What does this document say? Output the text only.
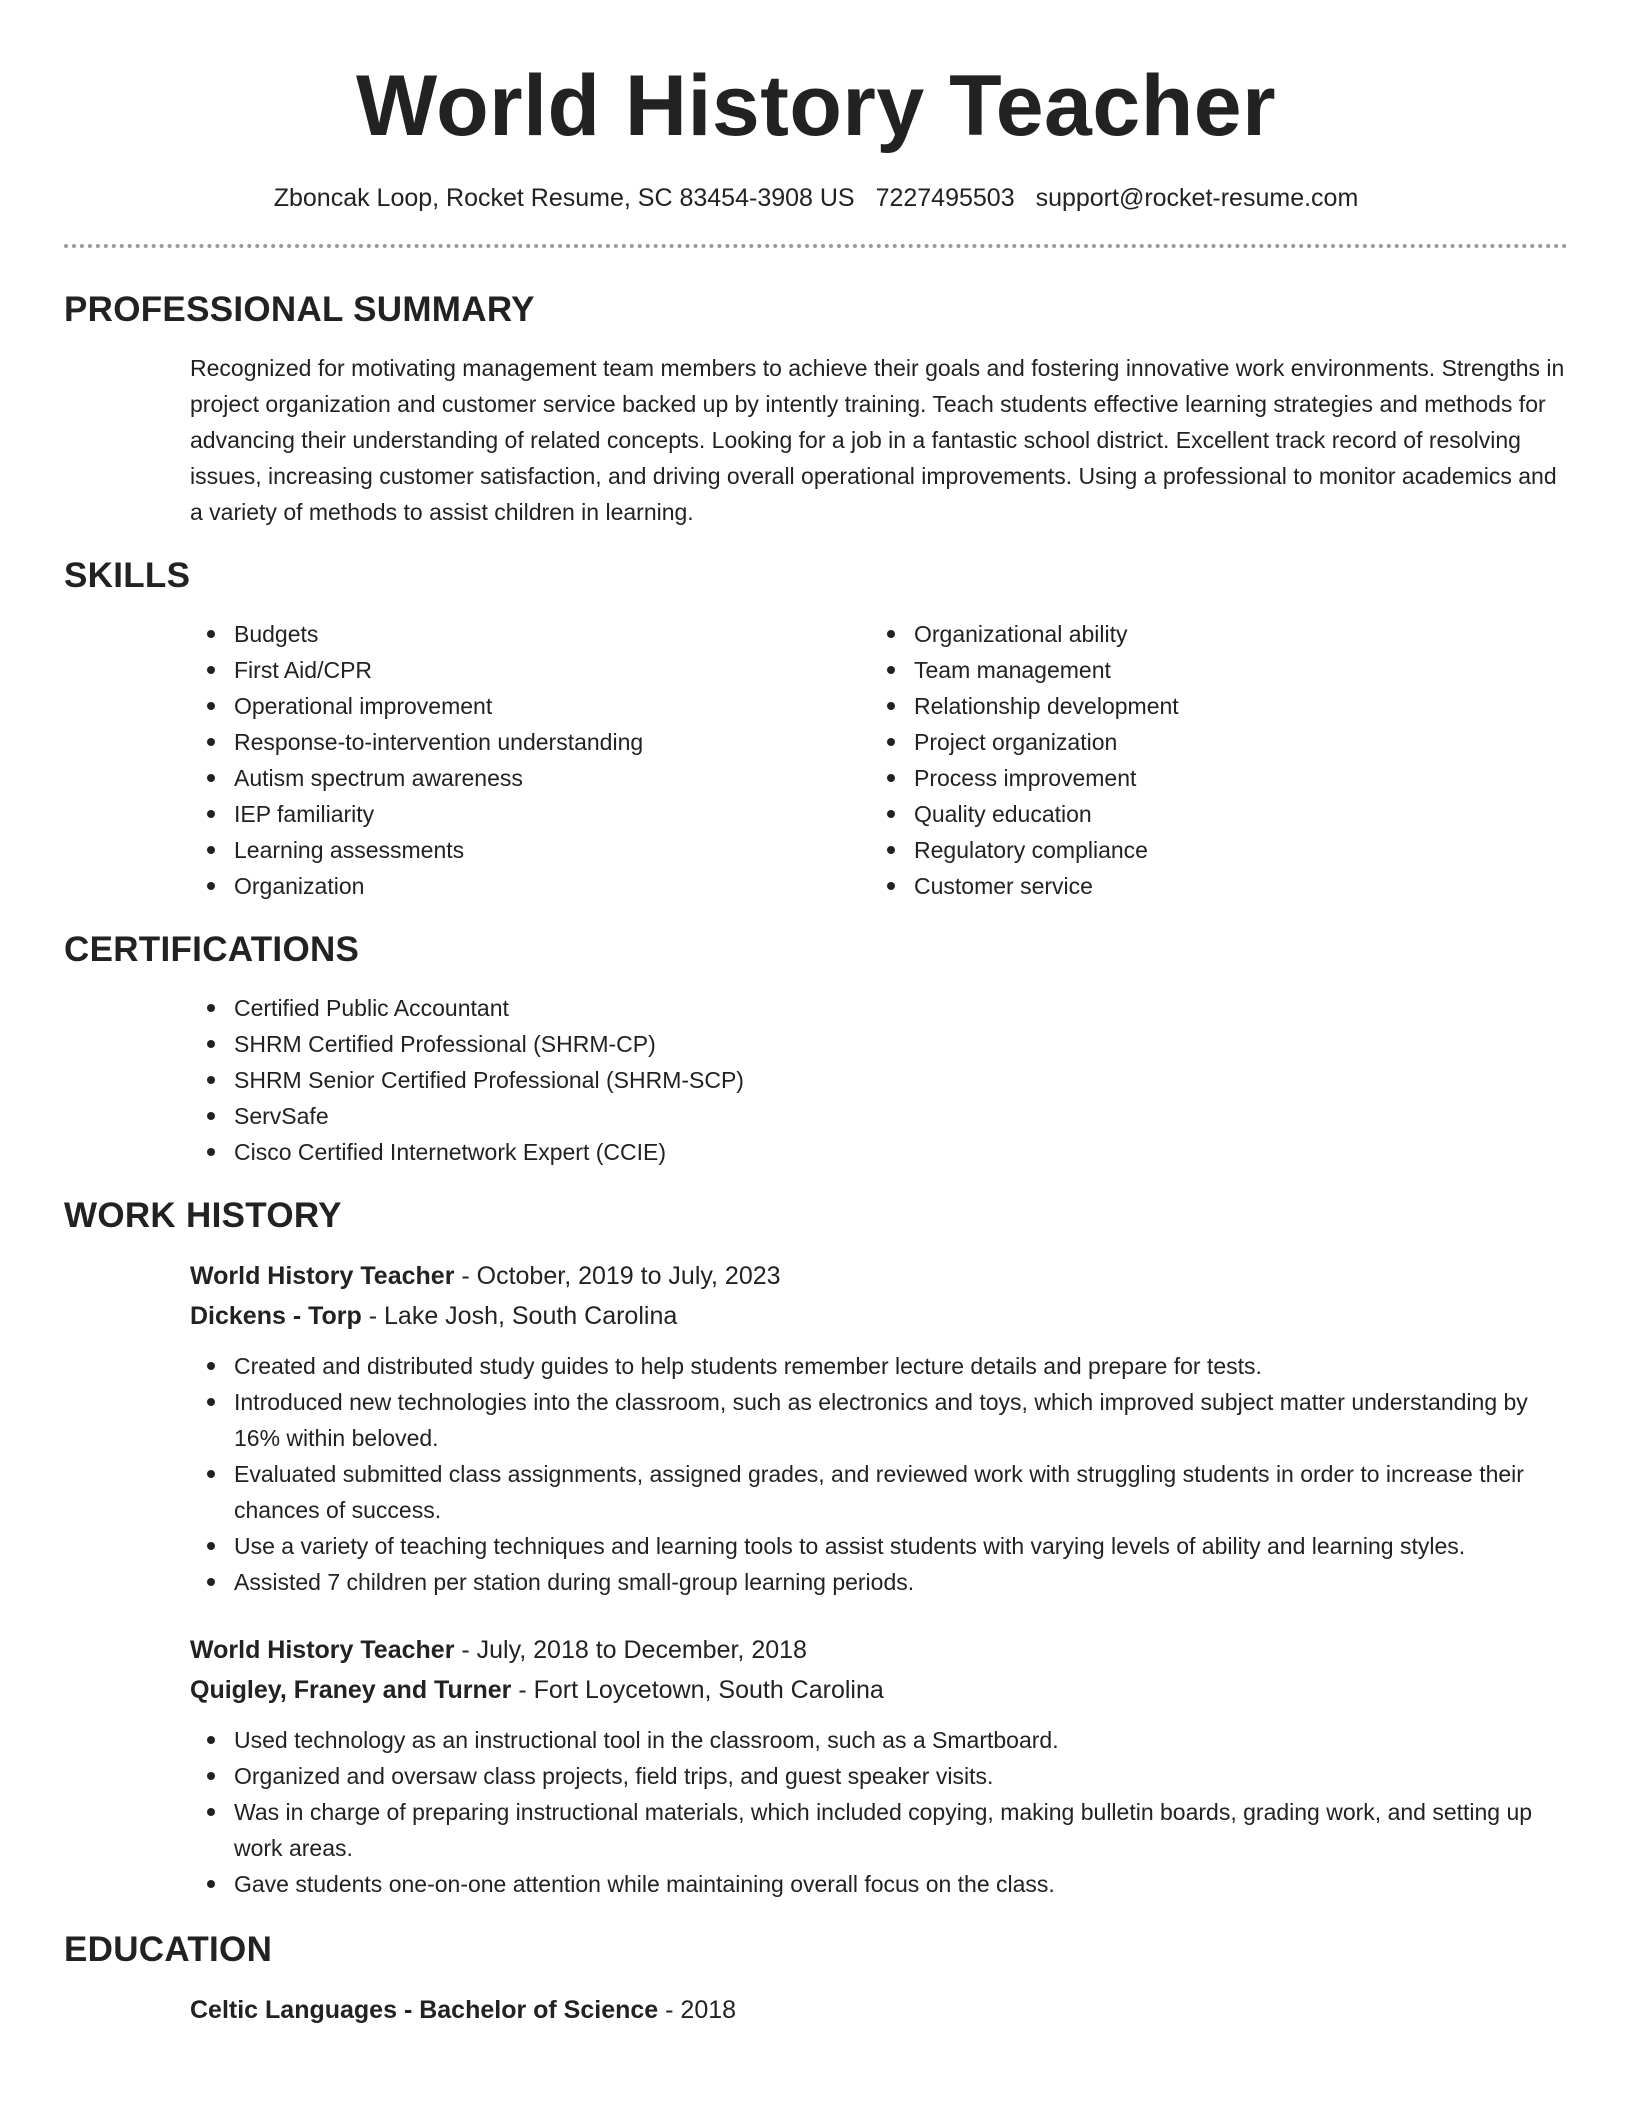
World History Teacher
Zboncak Loop, Rocket Resume, SC 83454-3908 US 7227495503 support@rocket-resume.com
PROFESSIONAL SUMMARY

Recognized for motivating management team members to achieve their goals and fostering innovative work environments. Strengths in project organization and customer service backed up by intently training. Teach students effective learning strategies and methods for advancing their understanding of related concepts. Looking for a job in a fantastic school district. Excellent track record of resolving issues, increasing customer satisfaction, and driving overall operational improvements. Using a professional to monitor academics and a variety of methods to assist children in learning.

SKILLS
Budgets
First Aid/CPR
Operational improvement
Response-to-intervention understanding
Autism spectrum awareness
IEP familiarity
Learning assessments
Organization
Organizational ability
Team management
Relationship development
Project organization
Process improvement
Quality education
Regulatory compliance
Customer service
CERTIFICATIONS
Certified Public Accountant
SHRM Certified Professional (SHRM-CP)
SHRM Senior Certified Professional (SHRM-SCP)
ServSafe
Cisco Certified Internetwork Expert (CCIE)
WORK HISTORY
World History Teacher - October, 2019 to July, 2023
Dickens - Torp - Lake Josh, South Carolina
Created and distributed study guides to help students remember lecture details and prepare for tests.
Introduced new technologies into the classroom, such as electronics and toys, which improved subject matter understanding by 16% within beloved.
Evaluated submitted class assignments, assigned grades, and reviewed work with struggling students in order to increase their chances of success.
Use a variety of teaching techniques and learning tools to assist students with varying levels of ability and learning styles.
Assisted 7 children per station during small-group learning periods.
World History Teacher - July, 2018 to December, 2018
Quigley, Franey and Turner - Fort Loycetown, South Carolina
Used technology as an instructional tool in the classroom, such as a Smartboard.
Organized and oversaw class projects, field trips, and guest speaker visits.
Was in charge of preparing instructional materials, which included copying, making bulletin boards, grading work, and setting up work areas.
Gave students one-on-one attention while maintaining overall focus on the class.
EDUCATION
Celtic Languages - Bachelor of Science - 2018
